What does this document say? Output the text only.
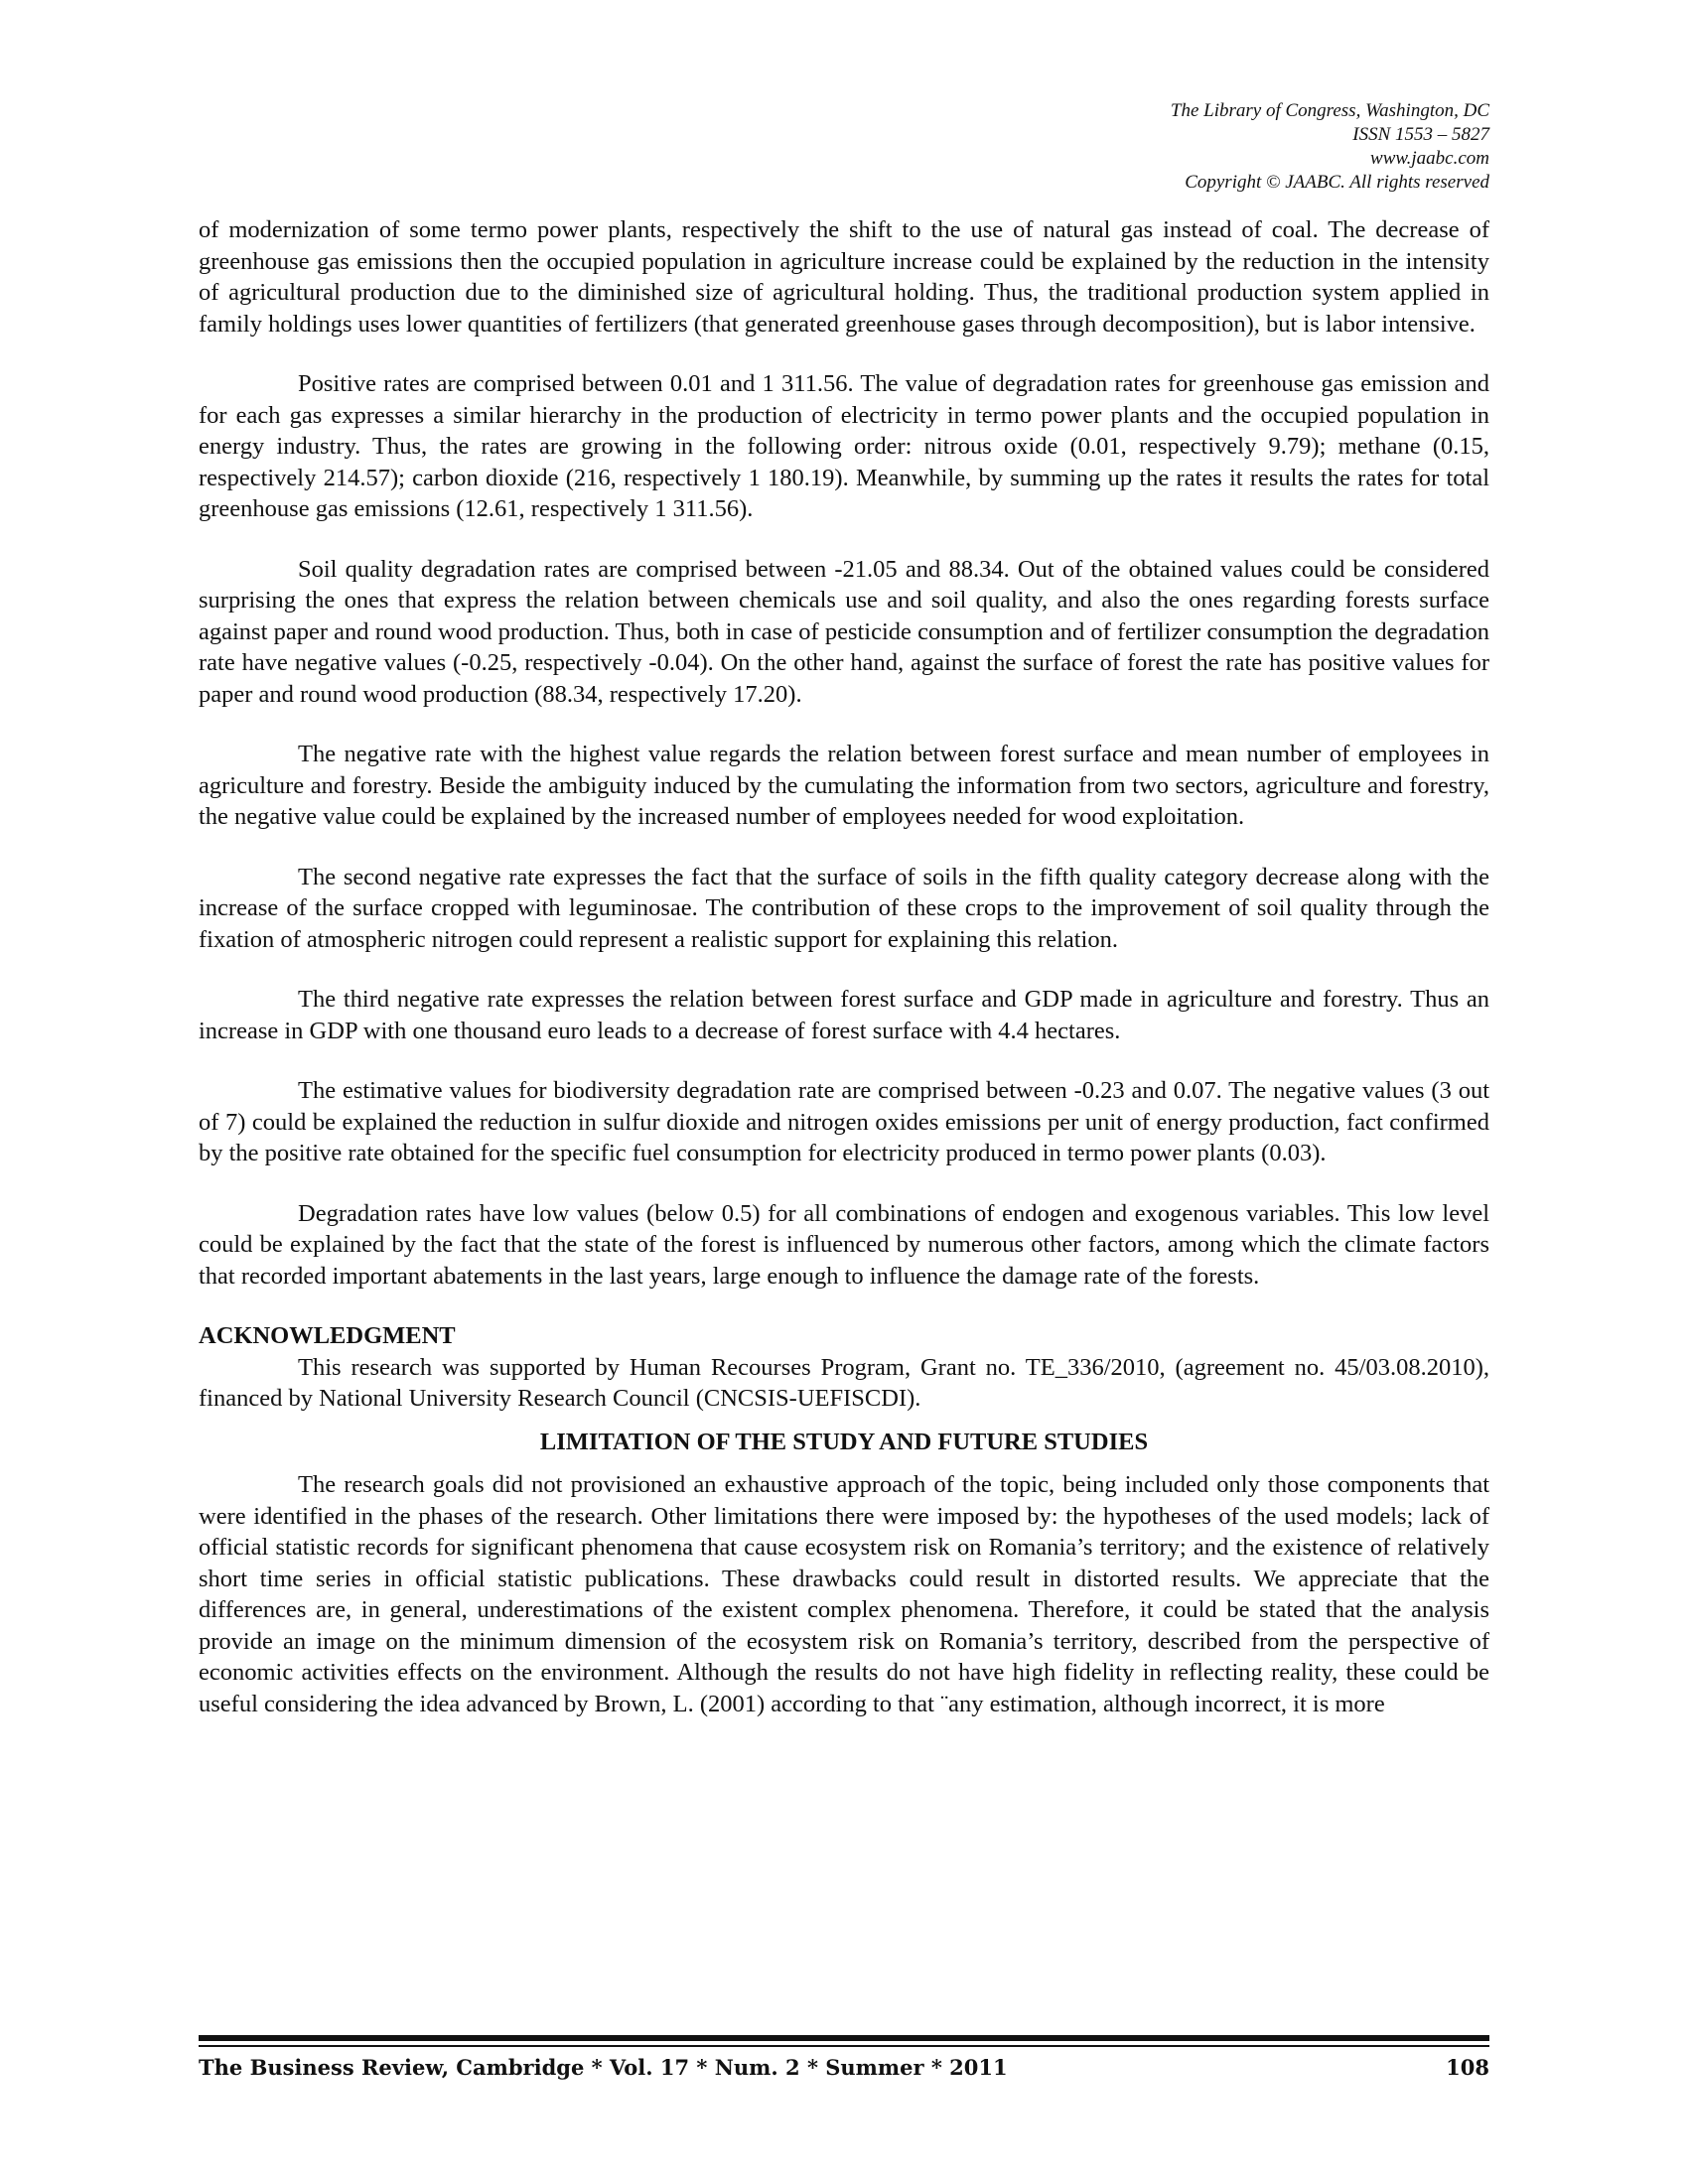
The Library of Congress, Washington, DC
ISSN 1553 – 5827
www.jaabc.com
Copyright © JAABC. All rights reserved

of modernization of some termo power plants, respectively the shift to the use of natural gas instead of coal. The decrease of greenhouse gas emissions then the occupied population in agriculture increase could be explained by the reduction in the intensity of agricultural production due to the diminished size of agricultural holding. Thus, the traditional production system applied in family holdings uses lower quantities of fertilizers (that generated greenhouse gases through decomposition), but is labor intensive.

Positive rates are comprised between 0.01 and 1 311.56. The value of degradation rates for greenhouse gas emission and for each gas expresses a similar hierarchy in the production of electricity in termo power plants and the occupied population in energy industry. Thus, the rates are growing in the following order: nitrous oxide (0.01, respectively 9.79); methane (0.15, respectively 214.57); carbon dioxide (216, respectively 1 180.19). Meanwhile, by summing up the rates it results the rates for total greenhouse gas emissions (12.61, respectively 1 311.56).

Soil quality degradation rates are comprised between -21.05 and 88.34. Out of the obtained values could be considered surprising the ones that express the relation between chemicals use and soil quality, and also the ones regarding forests surface against paper and round wood production. Thus, both in case of pesticide consumption and of fertilizer consumption the degradation rate have negative values (-0.25, respectively -0.04). On the other hand, against the surface of forest the rate has positive values for paper and round wood production (88.34, respectively 17.20).

The negative rate with the highest value regards the relation between forest surface and mean number of employees in agriculture and forestry. Beside the ambiguity induced by the cumulating the information from two sectors, agriculture and forestry, the negative value could be explained by the increased number of employees needed for wood exploitation.

The second negative rate expresses the fact that the surface of soils in the fifth quality category decrease along with the increase of the surface cropped with leguminosae. The contribution of these crops to the improvement of soil quality through the fixation of atmospheric nitrogen could represent a realistic support for explaining this relation.

The third negative rate expresses the relation between forest surface and GDP made in agriculture and forestry. Thus an increase in GDP with one thousand euro leads to a decrease of forest surface with 4.4 hectares.

The estimative values for biodiversity degradation rate are comprised between -0.23 and 0.07. The negative values (3 out of 7) could be explained the reduction in sulfur dioxide and nitrogen oxides emissions per unit of energy production, fact confirmed by the positive rate obtained for the specific fuel consumption for electricity produced in termo power plants (0.03).

Degradation rates have low values (below 0.5) for all combinations of endogen and exogenous variables. This low level could be explained by the fact that the state of the forest is influenced by numerous other factors, among which the climate factors that recorded important abatements in the last years, large enough to influence the damage rate of the forests.

ACKNOWLEDGMENT

This research was supported by Human Recourses Program, Grant no. TE_336/2010, (agreement no. 45/03.08.2010), financed by National University Research Council (CNCSIS-UEFISCDI).

LIMITATION OF THE STUDY AND FUTURE STUDIES

The research goals did not provisioned an exhaustive approach of the topic, being included only those components that were identified in the phases of the research. Other limitations there were imposed by: the hypotheses of the used models; lack of official statistic records for significant phenomena that cause ecosystem risk on Romania’s territory; and the existence of relatively short time series in official statistic publications. These drawbacks could result in distorted results. We appreciate that the differences are, in general, underestimations of the existent complex phenomena. Therefore, it could be stated that the analysis provide an image on the minimum dimension of the ecosystem risk on Romania’s territory, described from the perspective of economic activities effects on the environment. Although the results do not have high fidelity in reflecting reality, these could be useful considering the idea advanced by Brown, L. (2001) according to that ¨any estimation, although incorrect, it is more

The Business Review, Cambridge * Vol. 17 * Num. 2 * Summer * 2011	108
